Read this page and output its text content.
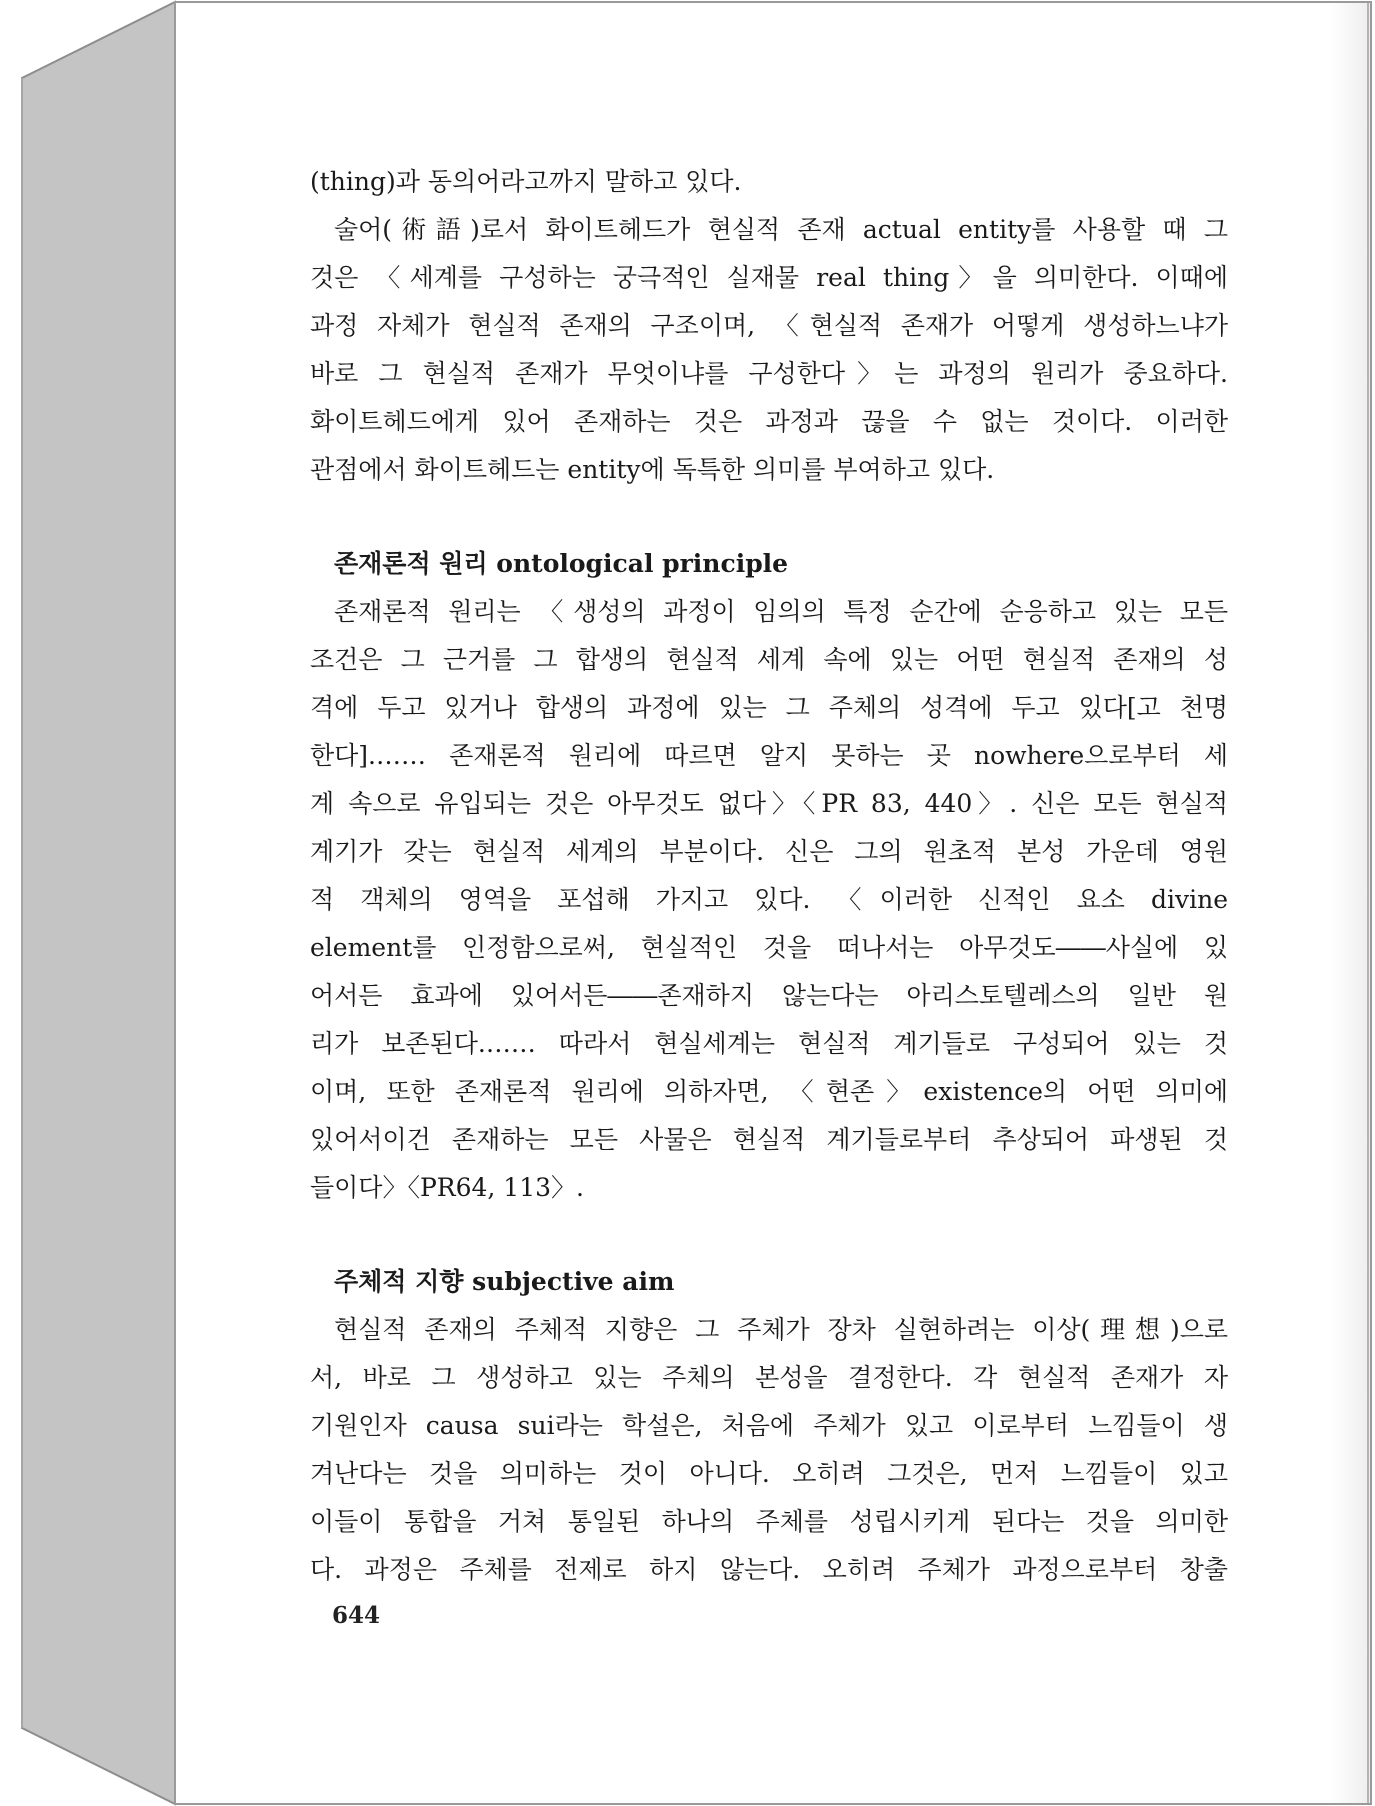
(thing)과 동의어라고까지 말하고 있다.
술어(術語)로서 화이트헤드가 현실적 존재 actual entity를 사용할 때 그
것은 〈세계를 구성하는 궁극적인 실재물 real thing〉을 의미한다. 이때에
과정 자체가 현실적 존재의 구조이며, 〈현실적 존재가 어떻게 생성하느냐가
바로 그 현실적 존재가 무엇이냐를 구성한다〉는 과정의 원리가 중요하다.
화이트헤드에게 있어 존재하는 것은 과정과 끊을 수 없는 것이다. 이러한
관점에서 화이트헤드는 entity에 독특한 의미를 부여하고 있다.
존재론적 원리 ontological principle
존재론적 원리는 〈생성의 과정이 임의의 특정 순간에 순응하고 있는 모든
조건은 그 근거를 그 합생의 현실적 세계 속에 있는 어떤 현실적 존재의 성
격에 두고 있거나 합생의 과정에 있는 그 주체의 성격에 두고 있다[고 천명
한다].…… 존재론적 원리에 따르면 알지 못하는 곳 nowhere으로부터 세
계 속으로 유입되는 것은 아무것도 없다〉〈PR 83, 440〉. 신은 모든 현실적
계기가 갖는 현실적 세계의 부분이다. 신은 그의 원초적 본성 가운데 영원
적 객체의 영역을 포섭해 가지고 있다. 〈이러한 신적인 요소 divine
element를 인정함으로써, 현실적인 것을 떠나서는 아무것도――사실에 있
어서든 효과에 있어서든――존재하지 않는다는 아리스토텔레스의 일반 원
리가 보존된다.…… 따라서 현실세계는 현실적 계기들로 구성되어 있는 것
이며, 또한 존재론적 원리에 의하자면, 〈현존〉existence의 어떤 의미에
있어서이건 존재하는 모든 사물은 현실적 계기들로부터 추상되어 파생된 것
들이다〉〈PR64, 113〉.
주체적 지향 subjective aim
현실적 존재의 주체적 지향은 그 주체가 장차 실현하려는 이상(理想)으로
서, 바로 그 생성하고 있는 주체의 본성을 결정한다. 각 현실적 존재가 자
기원인자 causa sui라는 학설은, 처음에 주체가 있고 이로부터 느낌들이 생
겨난다는 것을 의미하는 것이 아니다. 오히려 그것은, 먼저 느낌들이 있고
이들이 통합을 거쳐 통일된 하나의 주체를 성립시키게 된다는 것을 의미한
다. 과정은 주체를 전제로 하지 않는다. 오히려 주체가 과정으로부터 창출
644
